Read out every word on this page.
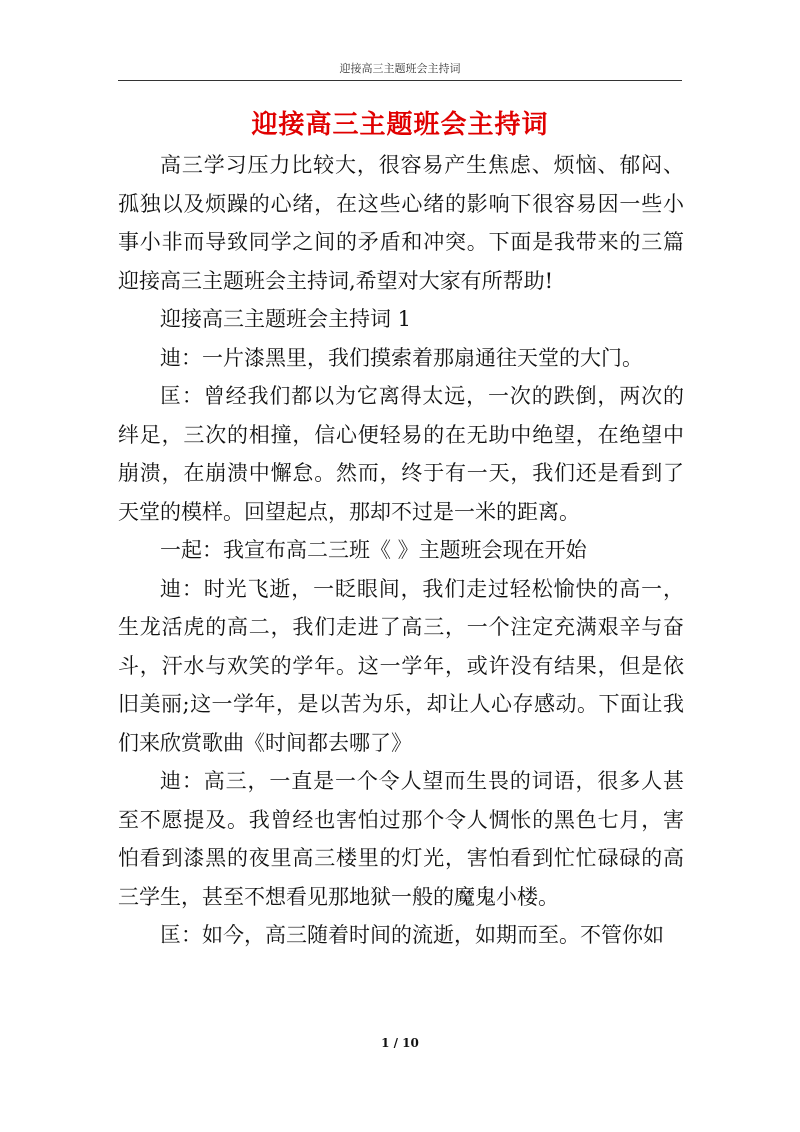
迎接高三主题班会主持词
迎接高三主题班会主持词

高三学习压力比较大，很容易产生焦虑、烦恼、郁闷、孤独以及烦躁的心绪，在这些心绪的影响下很容易因一些小事小非而导致同学之间的矛盾和冲突。下面是我带来的三篇迎接高三主题班会主持词,希望对大家有所帮助!

迎接高三主题班会主持词 1

迪：一片漆黑里，我们摸索着那扇通往天堂的大门。

匡：曾经我们都以为它离得太远，一次的跌倒，两次的绊足，三次的相撞，信心便轻易的在无助中绝望，在绝望中崩溃，在崩溃中懈怠。然而，终于有一天，我们还是看到了天堂的模样。回望起点，那却不过是一米的距离。

一起：我宣布高二三班《 》主题班会现在开始

迪：时光飞逝，一眨眼间，我们走过轻松愉快的高一，生龙活虎的高二，我们走进了高三，一个注定充满艰辛与奋斗，汗水与欢笑的学年。这一学年，或许没有结果，但是依旧美丽;这一学年，是以苦为乐，却让人心存感动。下面让我们来欣赏歌曲《时间都去哪了》

迪：高三，一直是一个令人望而生畏的词语，很多人甚至不愿提及。我曾经也害怕过那个令人惆怅的黑色七月，害怕看到漆黑的夜里高三楼里的灯光，害怕看到忙忙碌碌的高三学生，甚至不想看见那地狱一般的魔鬼小楼。

匡：如今，高三随着时间的流逝，如期而至。不管你如

1 / 10
